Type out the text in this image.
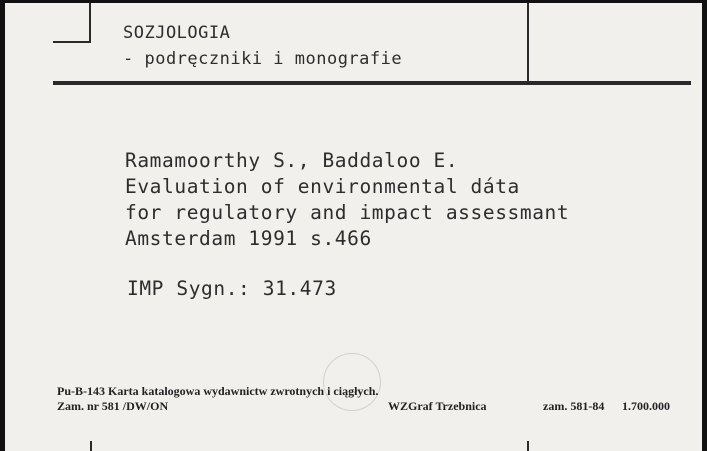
SOZJOLOGIA
- podręczniki i monografie
Ramamoorthy S., Baddaloo E.
Evaluation of environmental dáta
for regulatory and impact assessmant
Amsterdam 1991 s.466
IMP Sygn.: 31.473
Pu-B-143 Karta katalogowa wydawnictw zwrotnych i ciągłych.
Zam. nr 581 /DW/ON	WZGraf Trzebnica	zam. 581-84 1.700.000
